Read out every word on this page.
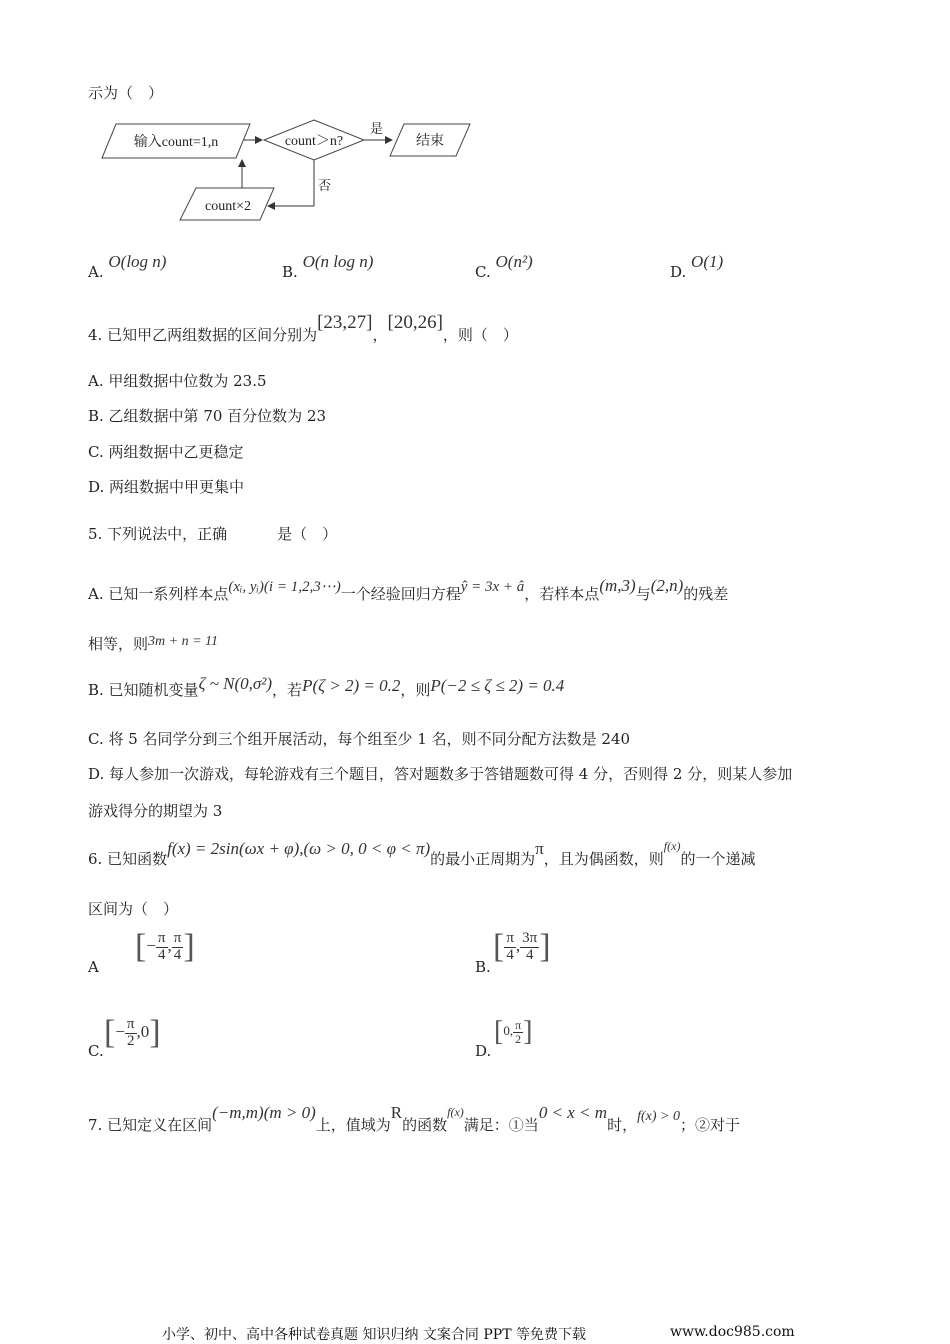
示为（　）
输入count=1,n	count＞n?
是
结束
否
count×2
A. O(log n)
B. O(n log n)
C. O(n²)
D. O(1)
4. 已知甲乙两组数据的区间分别为[23,27]，[20,26]，则（　）
A. 甲组数据中位数为 23.5
B. 乙组数据中第 70 百分位数为 23
C. 两组数据中乙更稳定
D. 两组数据中甲更集中
5. 下列说法中，正确	是（　）
A. 已知一系列样本点(xᵢ, yᵢ)(i = 1,2,3⋯)一个经验回归方程ŷ = 3x + â，若样本点(m,3)与(2,n)的残差
相等，则3m + n = 11
B. 已知随机变量ζ ~ N(0,σ²)，若P(ζ > 2) = 0.2，则P(−2 ≤ ζ ≤ 2) = 0.4
C. 将 5 名同学分到三个组开展活动，每个组至少 1 名，则不同分配方法数是 240
D. 每人参加一次游戏，每轮游戏有三个题目，答对题数多于答错题数可得 4 分，否则得 2 分，则某人参加
游戏得分的期望为 3
6. 已知函数f(x) = 2sin(ωx + φ),(ω > 0, 0 < φ < π)的最小正周期为π，且为偶函数，则$^{f(x)}$的一个递减
区间为（　）
A
[− $\frac{\pi}{4}$ , $\frac{\pi}{4}$ ]
B.
[ $\frac{\pi}{4}$ , $\frac{3\pi}{4}$ ]
C. [− $\frac{\pi}{2} ,0$]	D.
[0, $\frac{\pi}{2}$ ]
7. 已知定义在区间(−m,m)(m > 0)上，值域为R的函数$^{f(x)}$满足：①当0 < x < m时，f(x) > 0；②对于
小学、初中、高中各种试卷真题 知识归纳 文案合同 PPT 等免费下载	www.doc985.com
